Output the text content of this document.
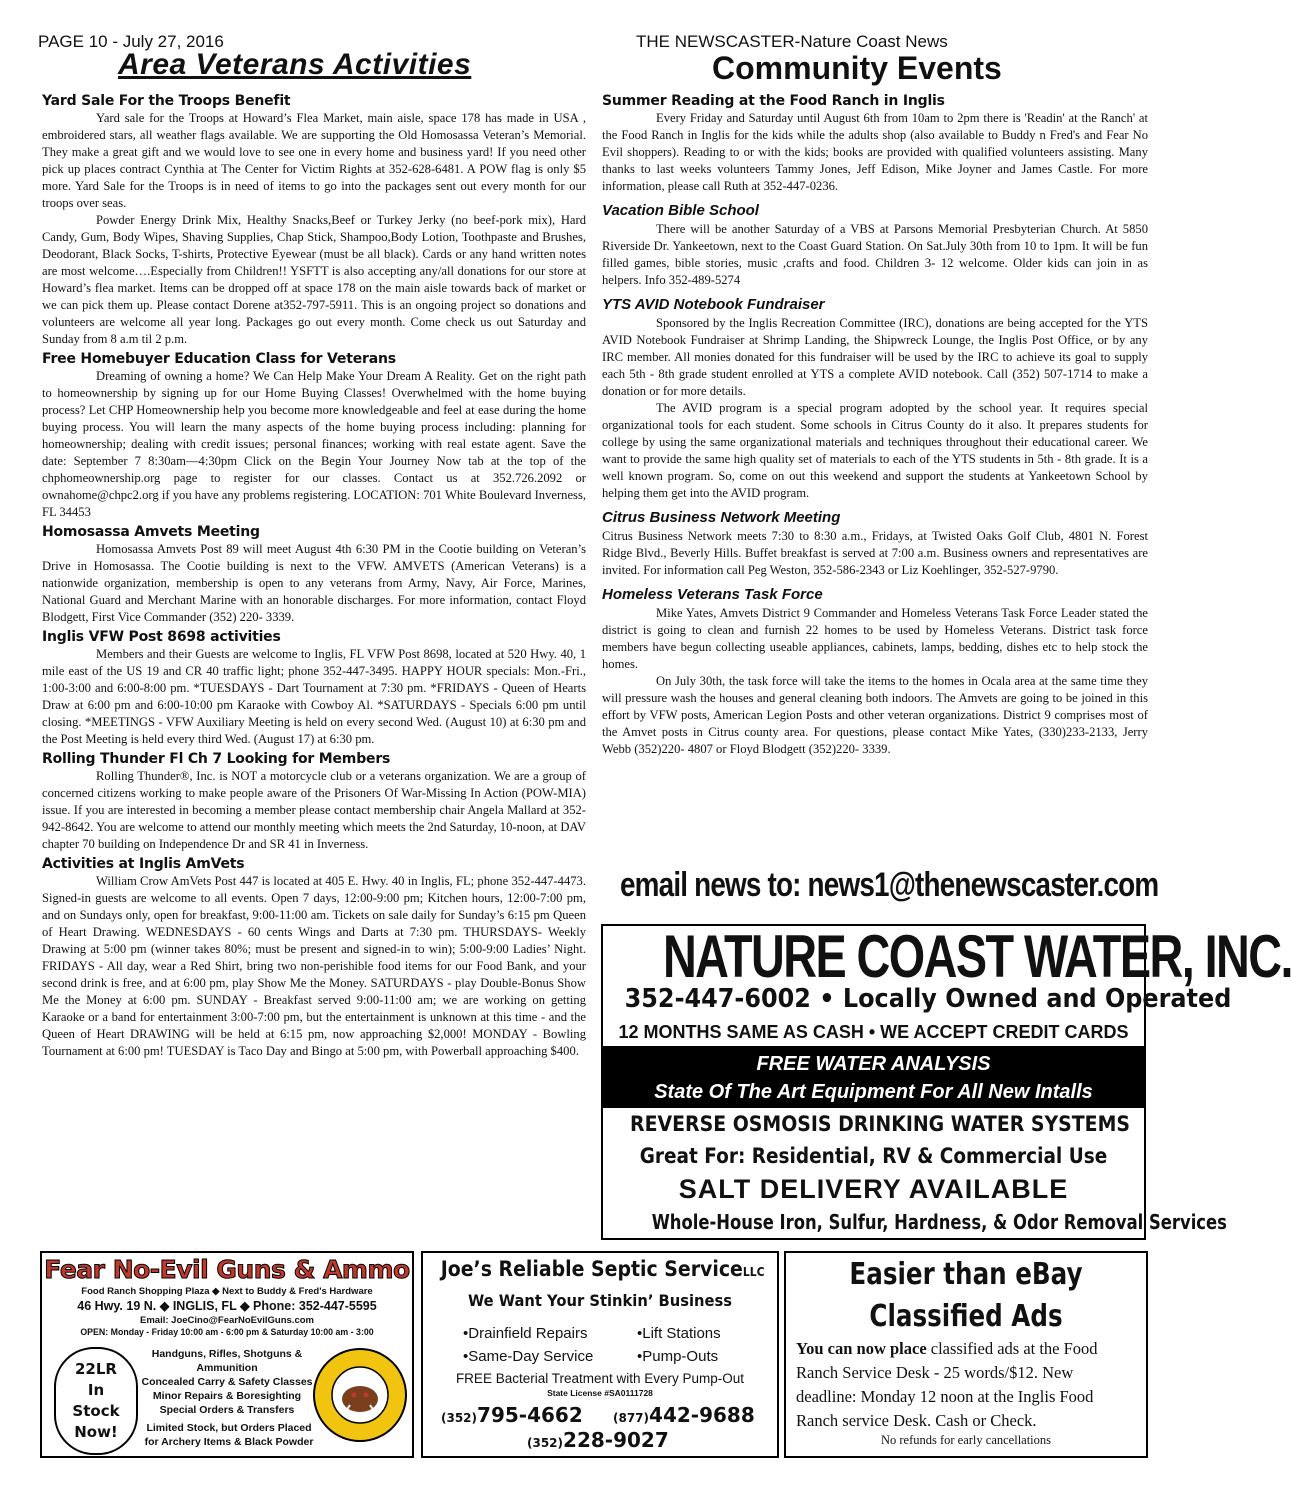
PAGE 10 - July 27, 2016	THE NEWSCASTER-Nature Coast News
Area Veterans Activities	Community Events
Yard Sale For the Troops Benefit

Yard sale for the Troops at Howard’s Flea Market, main aisle, space 178 has made in USA , embroidered stars, all weather flags available. We are supporting the Old Homosassa Veteran’s Memorial. They make a great gift and we would love to see one in every home and business yard! If you need other pick up places contract Cynthia at The Center for Victim Rights at 352-628-6481. A POW flag is only $5 more. Yard Sale for the Troops is in need of items to go into the packages sent out every month for our troops over seas.

Powder Energy Drink Mix, Healthy Snacks,Beef or Turkey Jerky (no beef-pork mix), Hard Candy, Gum, Body Wipes, Shaving Supplies, Chap Stick, Shampoo,Body Lotion, Toothpaste and Brushes, Deodorant, Black Socks, T-shirts, Protective Eyewear (must be all black). Cards or any hand written notes are most welcome….Especially from Children!! YSFTT is also accepting any/all donations for our store at Howard’s flea market. Items can be dropped off at space 178 on the main aisle towards back of market or we can pick them up. Please contact Dorene at352-797-5911. This is an ongoing project so donations and volunteers are welcome all year long. Packages go out every month. Come check us out Saturday and Sunday from 8 a.m til 2 p.m.

Free Homebuyer Education Class for Veterans

Dreaming of owning a home? We Can Help Make Your Dream A Reality. Get on the right path to homeownership by signing up for our Home Buying Classes! Overwhelmed with the home buying process? Let CHP Homeownership help you become more knowledgeable and feel at ease during the home buying process. You will learn the many aspects of the home buying process including: planning for homeownership; dealing with credit issues; personal finances; working with real estate agent. Save the date: September 7 8:30am—4:30pm Click on the Begin Your Journey Now tab at the top of the chphomeownership.org page to register for our classes. Contact us at 352.726.2092 or ownahome@chpc2.org if you have any problems registering. LOCATION: 701 White Boulevard Inverness, FL 34453

Homosassa Amvets Meeting

Homosassa Amvets Post 89 will meet August 4th 6:30 PM in the Cootie building on Veteran’s Drive in Homosassa. The Cootie building is next to the VFW. AMVETS (American Veterans) is a nationwide organization, membership is open to any veterans from Army, Navy, Air Force, Marines, National Guard and Merchant Marine with an honorable discharges. For more information, contact Floyd Blodgett, First Vice Commander (352) 220- 3339.

Inglis VFW Post 8698 activities

Members and their Guests are welcome to Inglis, FL VFW Post 8698, located at 520 Hwy. 40, 1 mile east of the US 19 and CR 40 traffic light; phone 352-447-3495. HAPPY HOUR specials: Mon.-Fri., 1:00-3:00 and 6:00-8:00 pm. *TUESDAYS - Dart Tournament at 7:30 pm. *FRIDAYS - Queen of Hearts Draw at 6:00 pm and 6:00-10:00 pm Karaoke with Cowboy Al. *SATURDAYS - Specials 6:00 pm until closing. *MEETINGS - VFW Auxiliary Meeting is held on every second Wed. (August 10) at 6:30 pm and the Post Meeting is held every third Wed. (August 17) at 6:30 pm.

Rolling Thunder Fl Ch 7 Looking for Members

Rolling Thunder®, Inc. is NOT a motorcycle club or a veterans organization. We are a group of concerned citizens working to make people aware of the Prisoners Of War-Missing In Action (POW-MIA) issue. If you are interested in becoming a member please contact membership chair Angela Mallard at 352-942-8642. You are welcome to attend our monthly meeting which meets the 2nd Saturday, 10-noon, at DAV chapter 70 building on Independence Dr and SR 41 in Inverness.

Activities at Inglis AmVets

William Crow AmVets Post 447 is located at 405 E. Hwy. 40 in Inglis, FL; phone 352-447-4473. Signed-in guests are welcome to all events. Open 7 days, 12:00-9:00 pm; Kitchen hours, 12:00-7:00 pm, and on Sundays only, open for breakfast, 9:00-11:00 am. Tickets on sale daily for Sunday’s 6:15 pm Queen of Heart Drawing. WEDNESDAYS - 60 cents Wings and Darts at 7:30 pm. THURSDAYS- Weekly Drawing at 5:00 pm (winner takes 80%; must be present and signed-in to win); 5:00-9:00 Ladies’ Night. FRIDAYS - All day, wear a Red Shirt, bring two non-perishible food items for our Food Bank, and your second drink is free, and at 6:00 pm, play Show Me the Money. SATURDAYS - play Double-Bonus Show Me the Money at 6:00 pm. SUNDAY - Breakfast served 9:00-11:00 am; we are working on getting Karaoke or a band for entertainment 3:00-7:00 pm, but the entertainment is unknown at this time - and the Queen of Heart DRAWING will be held at 6:15 pm, now approaching $2,000! MONDAY - Bowling Tournament at 6:00 pm! TUESDAY is Taco Day and Bingo at 5:00 pm, with Powerball approaching $400.

Summer Reading at the Food Ranch in Inglis

Every Friday and Saturday until August 6th from 10am to 2pm there is 'Readin' at the Ranch' at the Food Ranch in Inglis for the kids while the adults shop (also available to Buddy n Fred's and Fear No Evil shoppers). Reading to or with the kids; books are provided with qualified volunteers assisting. Many thanks to last weeks volunteers Tammy Jones, Jeff Edison, Mike Joyner and James Castle. For more information, please call Ruth at 352-447-0236.

Vacation Bible School

There will be another Saturday of a VBS at Parsons Memorial Presbyterian Church. At 5850 Riverside Dr. Yankeetown, next to the Coast Guard Station. On Sat.July 30th from 10 to 1pm. It will be fun filled games, bible stories, music ,crafts and food. Children 3- 12 welcome. Older kids can join in as helpers. Info 352-489-5274

YTS AVID Notebook Fundraiser

Sponsored by the Inglis Recreation Committee (IRC), donations are being accepted for the YTS AVID Notebook Fundraiser at Shrimp Landing, the Shipwreck Lounge, the Inglis Post Office, or by any IRC member. All monies donated for this fundraiser will be used by the IRC to achieve its goal to supply each 5th - 8th grade student enrolled at YTS a complete AVID notebook. Call (352) 507-1714 to make a donation or for more details.

The AVID program is a special program adopted by the school year. It requires special organizational tools for each student. Some schools in Citrus County do it also. It prepares students for college by using the same organizational materials and techniques throughout their educational career. We want to provide the same high quality set of materials to each of the YTS students in 5th - 8th grade. It is a well known program. So, come on out this weekend and support the students at Yankeetown School by helping them get into the AVID program.

Citrus Business Network Meeting

Citrus Business Network meets 7:30 to 8:30 a.m., Fridays, at Twisted Oaks Golf Club, 4801 N. Forest Ridge Blvd., Beverly Hills. Buffet breakfast is served at 7:00 a.m. Business owners and representatives are invited. For information call Peg Weston, 352-586-2343 or Liz Koehlinger, 352-527-9790.

Homeless Veterans Task Force

Mike Yates, Amvets District 9 Commander and Homeless Veterans Task Force Leader stated the district is going to clean and furnish 22 homes to be used by Homeless Veterans. District task force members have begun collecting useable appliances, cabinets, lamps, bedding, dishes etc to help stock the homes.

On July 30th, the task force will take the items to the homes in Ocala area at the same time they will pressure wash the houses and general cleaning both indoors. The Amvets are going to be joined in this effort by VFW posts, American Legion Posts and other veteran organizations. District 9 comprises most of the Amvet posts in Citrus county area. For questions, please contact Mike Yates, (330)233-2133, Jerry Webb (352)220- 4807 or Floyd Blodgett (352)220- 3339.

email news to: news1@thenewscaster.com
NATURE COAST WATER, INC.
352-447-6002 • Locally Owned and Operated
12 MONTHS SAME AS CASH • WE ACCEPT CREDIT CARDS
FREE WATER ANALYSIS
State Of The Art Equipment For All New Intalls
REVERSE OSMOSIS DRINKING WATER SYSTEMS
Great For: Residential, RV & Commercial Use
SALT DELIVERY AVAILABLE
Whole-House Iron, Sulfur, Hardness, & Odor Removal Services
Fear No-Evil Guns & Ammo
Food Ranch Shopping Plaza ◆ Next to Buddy & Fred's Hardware
46 Hwy. 19 N. ◆ INGLIS, FL ◆ Phone: 352-447-5595
Email: JoeCino@FearNoEvilGuns.com
OPEN: Monday - Friday 10:00 am - 6:00 pm & Saturday 10:00 am - 3:00
22LR
In
Stock
Now!
Handguns, Rifles, Shotguns & Ammunition
Concealed Carry & Safety Classes
Minor Repairs & Boresighting
Special Orders & Transfers
Limited Stock, but Orders Placed
for Archery Items & Black Powder
Joe’s Reliable Septic ServiceLLC
We Want Your Stinkin’ Business
•Drainfield Repairs	•Lift Stations
•Same-Day Service	•Pump-Outs
FREE Bacterial Treatment with Every Pump-Out
State License #SA0111728
(352)795-4662	(877)442-9688
(352)228-9027
Easier than eBay
Classified Ads
You can now place classified ads at the Food Ranch Service Desk - 25 words/$12. New deadline: Monday 12 noon at the Inglis Food Ranch service Desk. Cash or Check.
No refunds for early cancellations
